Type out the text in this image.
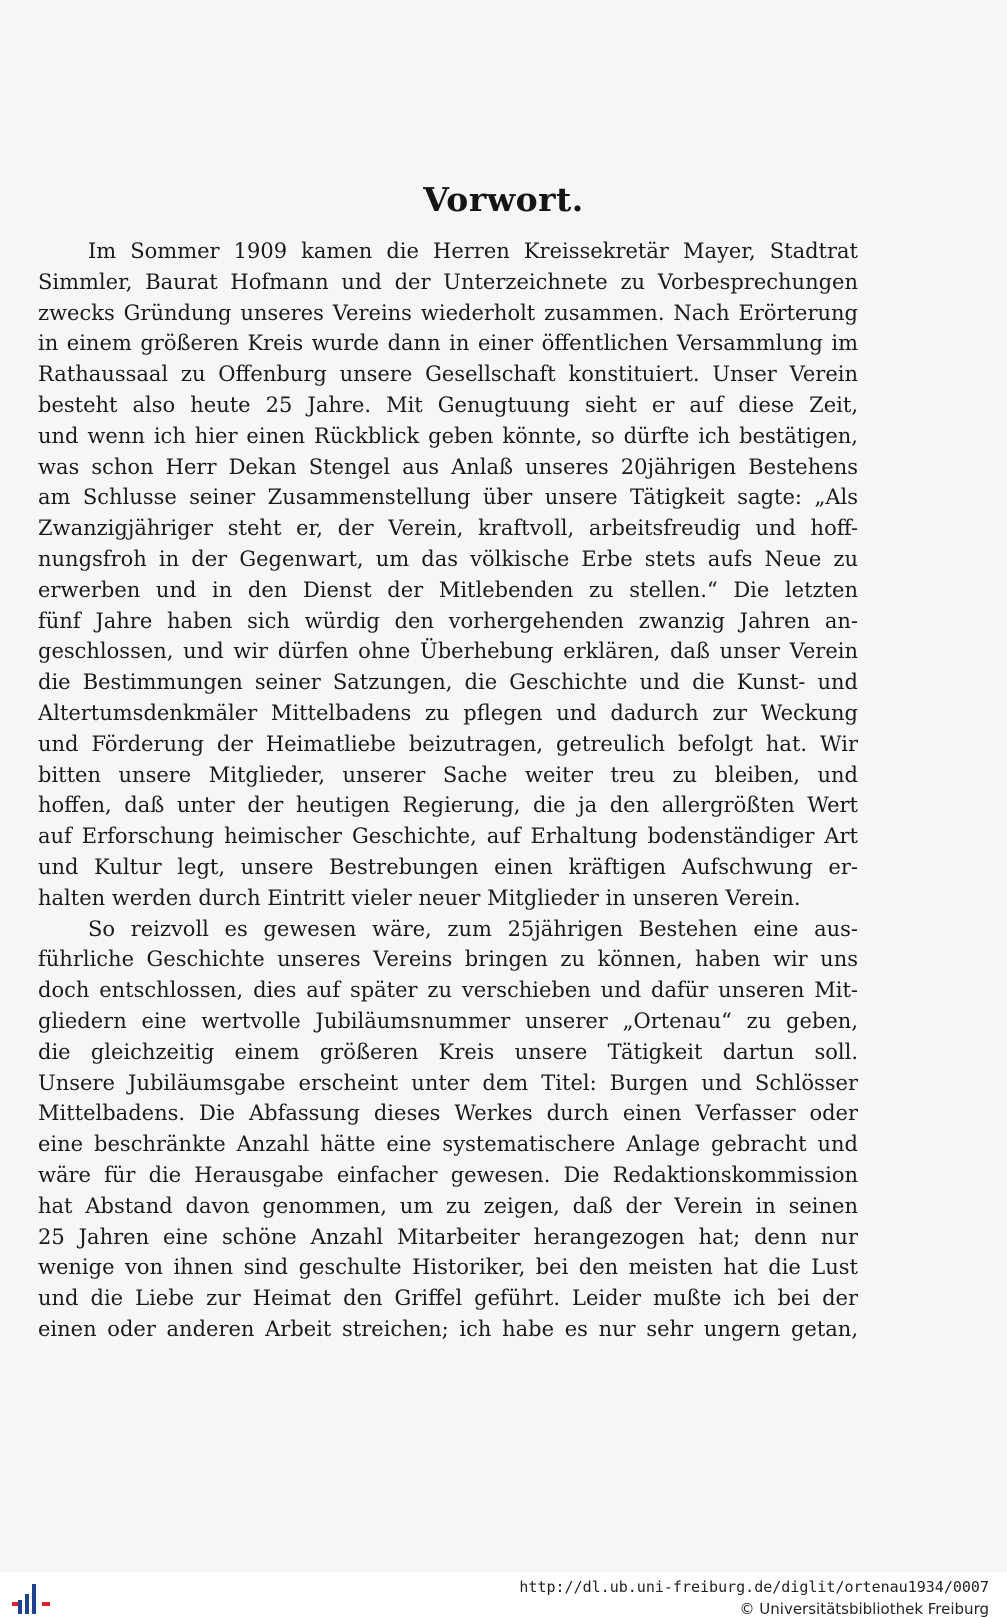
Vorwort.
Im Sommer 1909 kamen die Herren Kreissekretär Mayer, Stadtrat
Simmler, Baurat Hofmann und der Unterzeichnete zu Vorbesprechungen
zwecks Gründung unseres Vereins wiederholt zusammen. Nach Erörterung
in einem größeren Kreis wurde dann in einer öffentlichen Versammlung im
Rathaussaal zu Offenburg unsere Gesellschaft konstituiert. Unser Verein
besteht also heute 25 Jahre. Mit Genugtuung sieht er auf diese Zeit,
und wenn ich hier einen Rückblick geben könnte, so dürfte ich bestätigen,
was schon Herr Dekan Stengel aus Anlaß unseres 20jährigen Bestehens
am Schlusse seiner Zusammenstellung über unsere Tätigkeit sagte: „Als
Zwanzigjähriger steht er, der Verein, kraftvoll, arbeitsfreudig und hoff-
nungsfroh in der Gegenwart, um das völkische Erbe stets aufs Neue zu
erwerben und in den Dienst der Mitlebenden zu stellen.“ Die letzten
fünf Jahre haben sich würdig den vorhergehenden zwanzig Jahren an-
geschlossen, und wir dürfen ohne Überhebung erklären, daß unser Verein
die Bestimmungen seiner Satzungen, die Geschichte und die Kunst- und
Altertumsdenkmäler Mittelbadens zu pflegen und dadurch zur Weckung
und Förderung der Heimatliebe beizutragen, getreulich befolgt hat. Wir
bitten unsere Mitglieder, unserer Sache weiter treu zu bleiben, und
hoffen, daß unter der heutigen Regierung, die ja den allergrößten Wert
auf Erforschung heimischer Geschichte, auf Erhaltung bodenständiger Art
und Kultur legt, unsere Bestrebungen einen kräftigen Aufschwung er-
halten werden durch Eintritt vieler neuer Mitglieder in unseren Verein.
So reizvoll es gewesen wäre, zum 25jährigen Bestehen eine aus-
führliche Geschichte unseres Vereins bringen zu können, haben wir uns
doch entschlossen, dies auf später zu verschieben und dafür unseren Mit-
gliedern eine wertvolle Jubiläumsnummer unserer „Ortenau“ zu geben,
die gleichzeitig einem größeren Kreis unsere Tätigkeit dartun soll.
Unsere Jubiläumsgabe erscheint unter dem Titel: Burgen und Schlösser
Mittelbadens. Die Abfassung dieses Werkes durch einen Verfasser oder
eine beschränkte Anzahl hätte eine systematischere Anlage gebracht und
wäre für die Herausgabe einfacher gewesen. Die Redaktionskommission
hat Abstand davon genommen, um zu zeigen, daß der Verein in seinen
25 Jahren eine schöne Anzahl Mitarbeiter herangezogen hat; denn nur
wenige von ihnen sind geschulte Historiker, bei den meisten hat die Lust
und die Liebe zur Heimat den Griffel geführt. Leider mußte ich bei der
einen oder anderen Arbeit streichen; ich habe es nur sehr ungern getan,
http://dl.ub.uni-freiburg.de/diglit/ortenau1934/0007
© Universitätsbibliothek Freiburg
